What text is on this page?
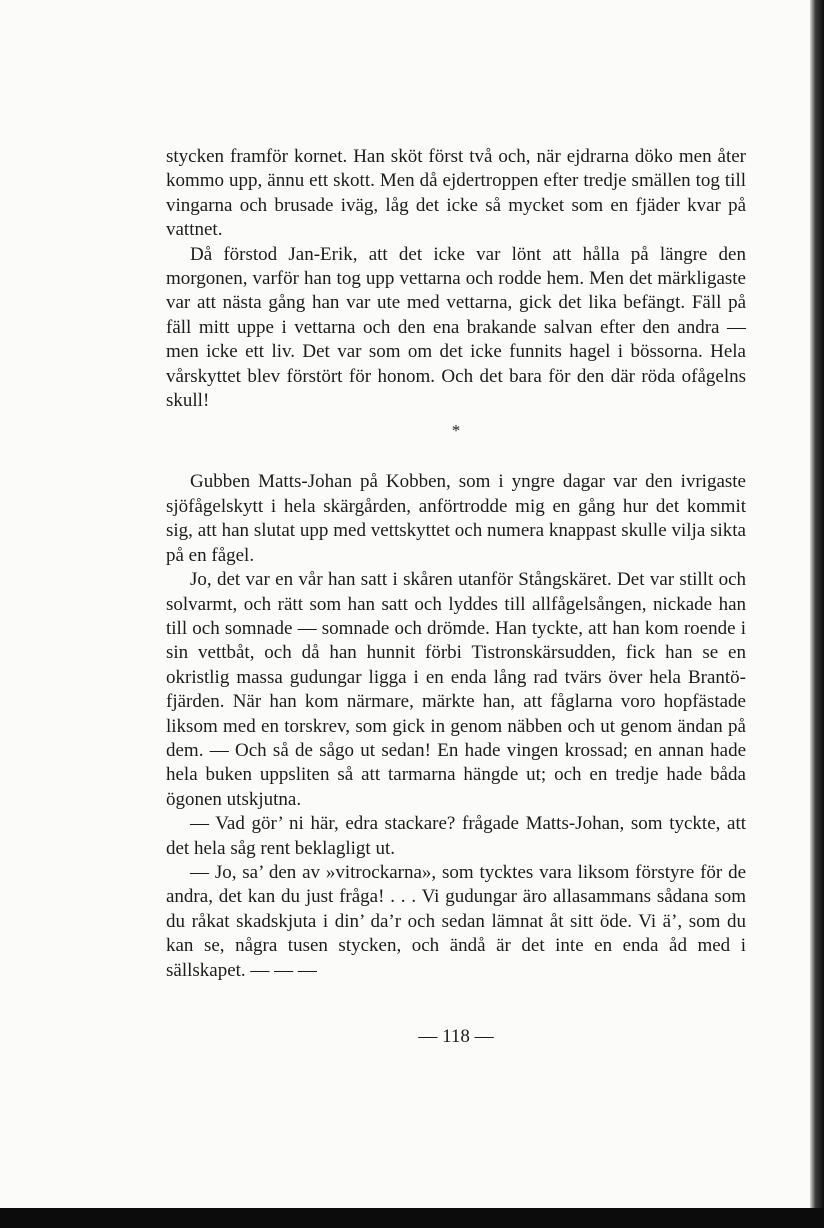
stycken framför kornet. Han sköt först två och, när ejdrarna döko men åter kommo upp, ännu ett skott. Men då ejdertroppen efter tredje smällen tog till vingarna och brusade iväg, låg det icke så mycket som en fjäder kvar på vattnet.

Då förstod Jan-Erik, att det icke var lönt att hålla på längre den morgonen, varför han tog upp vettarna och rodde hem. Men det märkligaste var att nästa gång han var ute med vettarna, gick det lika befängt. Fäll på fäll mitt uppe i vettarna och den ena brakande salvan efter den andra — men icke ett liv. Det var som om det icke funnits hagel i bössorna. Hela vårskyttet blev förstört för honom. Och det bara för den där röda ofågelns skull!

*

Gubben Matts-Johan på Kobben, som i yngre dagar var den ivrigaste sjöfågelskytt i hela skärgården, anförtrodde mig en gång hur det kommit sig, att han slutat upp med vettskyttet och numera knappast skulle vilja sikta på en fågel.

Jo, det var en vår han satt i skåren utanför Stångskäret. Det var stillt och solvarmt, och rätt som han satt och lyddes till allfågelsången, nickade han till och somnade — somnade och drömde. Han tyckte, att han kom roende i sin vettbåt, och då han hunnit förbi Tistronskärsudden, fick han se en okristlig massa gudungar ligga i en enda lång rad tvärs över hela Brantö-fjärden. När han kom närmare, märkte han, att fåglarna voro hopfästade liksom med en torskrev, som gick in genom näbben och ut genom ändan på dem. — Och så de sågo ut sedan! En hade vingen krossad; en annan hade hela buken uppsliten så att tarmarna hängde ut; och en tredje hade båda ögonen utskjutna.

— Vad gör’ ni här, edra stackare? frågade Matts-Johan, som tyckte, att det hela såg rent beklagligt ut.

— Jo, sa’ den av »vitrockarna», som tycktes vara liksom förstyre för de andra, det kan du just fråga! . . . Vi gudungar äro allasammans sådana som du råkat skadskjuta i din’ da’r och sedan lämnat åt sitt öde. Vi ä’, som du kan se, några tusen stycken, och ändå är det inte en enda åd med i sällskapet. — — —

— 118 —
